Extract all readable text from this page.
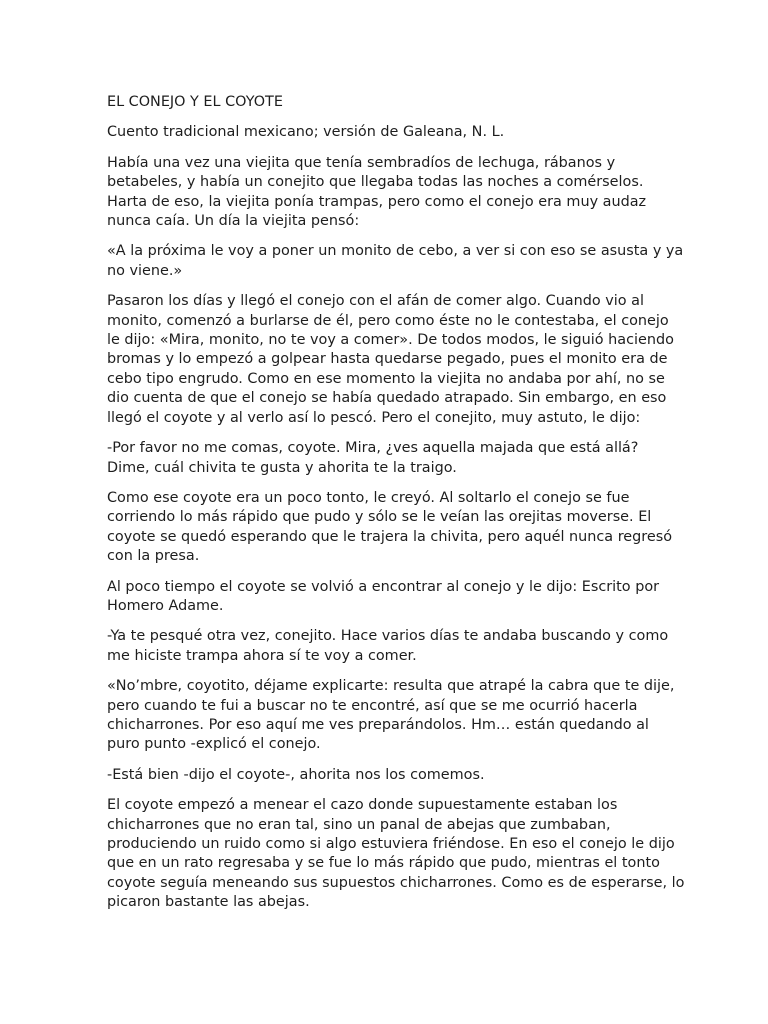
EL CONEJO Y EL COYOTE

Cuento tradicional mexicano; versión de Galeana, N. L.

Había una vez una viejita que tenía sembradíos de lechuga, rábanos y
betabeles, y había un conejito que llegaba todas las noches a comérselos.
Harta de eso, la viejita ponía trampas, pero como el conejo era muy audaz
nunca caía. Un día la viejita pensó:

«A la próxima le voy a poner un monito de cebo, a ver si con eso se asusta y ya
no viene.»

Pasaron los días y llegó el conejo con el afán de comer algo. Cuando vio al
monito, comenzó a burlarse de él, pero como éste no le contestaba, el conejo
le dijo: «Mira, monito, no te voy a comer». De todos modos, le siguió haciendo
bromas y lo empezó a golpear hasta quedarse pegado, pues el monito era de
cebo tipo engrudo. Como en ese momento la viejita no andaba por ahí, no se
dio cuenta de que el conejo se había quedado atrapado. Sin embargo, en eso
llegó el coyote y al verlo así lo pescó. Pero el conejito, muy astuto, le dijo:

-Por favor no me comas, coyote. Mira, ¿ves aquella majada que está allá?
Dime, cuál chivita te gusta y ahorita te la traigo.

Como ese coyote era un poco tonto, le creyó. Al soltarlo el conejo se fue
corriendo lo más rápido que pudo y sólo se le veían las orejitas moverse. El
coyote se quedó esperando que le trajera la chivita, pero aquél nunca regresó
con la presa.

Al poco tiempo el coyote se volvió a encontrar al conejo y le dijo: Escrito por
Homero Adame.

-Ya te pesqué otra vez, conejito. Hace varios días te andaba buscando y como
me hiciste trampa ahora sí te voy a comer.

«No’mbre, coyotito, déjame explicarte: resulta que atrapé la cabra que te dije,
pero cuando te fui a buscar no te encontré, así que se me ocurrió hacerla
chicharrones. Por eso aquí me ves preparándolos. Hm… están quedando al
puro punto -explicó el conejo.

-Está bien -dijo el coyote-, ahorita nos los comemos.

El coyote empezó a menear el cazo donde supuestamente estaban los
chicharrones que no eran tal, sino un panal de abejas que zumbaban,
produciendo un ruido como si algo estuviera friéndose. En eso el conejo le dijo
que en un rato regresaba y se fue lo más rápido que pudo, mientras el tonto
coyote seguía meneando sus supuestos chicharrones. Como es de esperarse, lo
picaron bastante las abejas.
